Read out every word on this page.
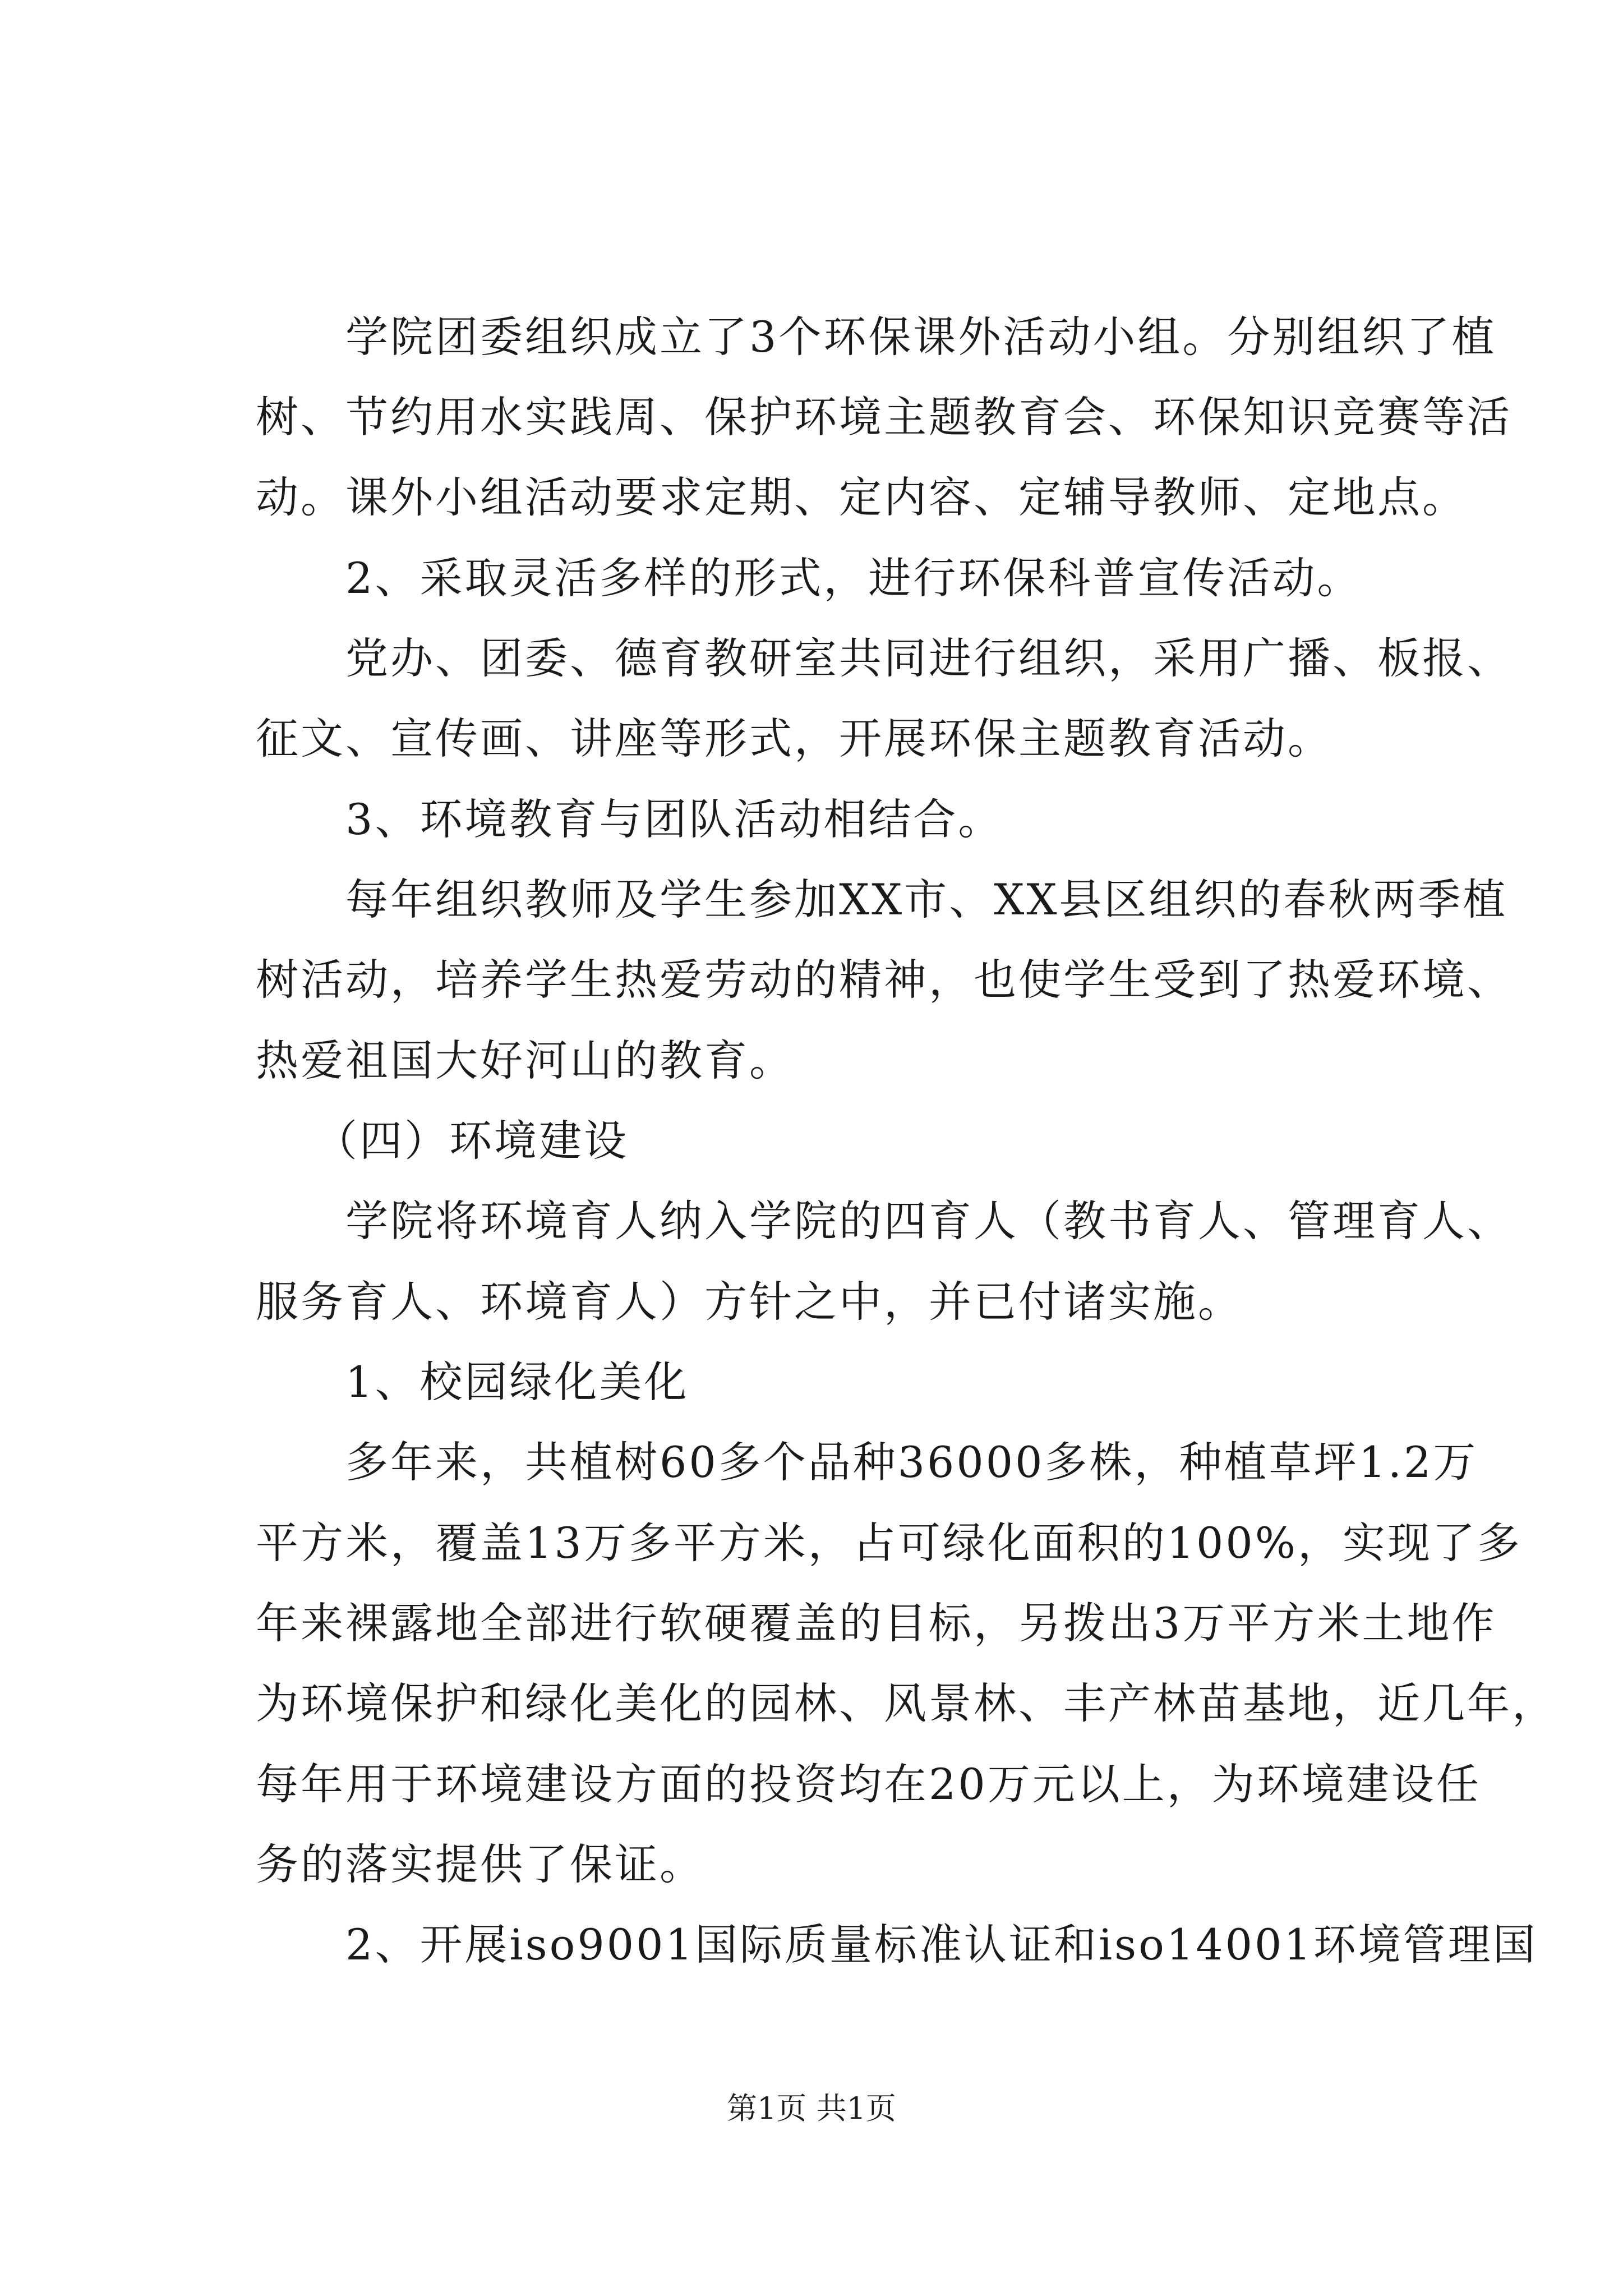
学院团委组织成立了3个环保课外活动小组。分别组织了植
树、节约用水实践周、保护环境主题教育会、环保知识竞赛等活
动。课外小组活动要求定期、定内容、定辅导教师、定地点。
2、采取灵活多样的形式，进行环保科普宣传活动。
党办、团委、德育教研室共同进行组织，采用广播、板报、
征文、宣传画、讲座等形式，开展环保主题教育活动。
3、环境教育与团队活动相结合。
每年组织教师及学生参加XX市、XX县区组织的春秋两季植
树活动，培养学生热爱劳动的精神，也使学生受到了热爱环境、
热爱祖国大好河山的教育。
（四）环境建设
学院将环境育人纳入学院的四育人（教书育人、管理育人、
服务育人、环境育人）方针之中，并已付诸实施。
1、校园绿化美化
多年来，共植树60多个品种36000多株，种植草坪1.2万
平方米，覆盖13万多平方米，占可绿化面积的100%，实现了多
年来裸露地全部进行软硬覆盖的目标，另拨出3万平方米土地作
为环境保护和绿化美化的园林、风景林、丰产林苗基地，近几年，
每年用于环境建设方面的投资均在20万元以上，为环境建设任
务的落实提供了保证。
2、开展iso9001国际质量标准认证和iso14001环境管理国
第1页 共1页
